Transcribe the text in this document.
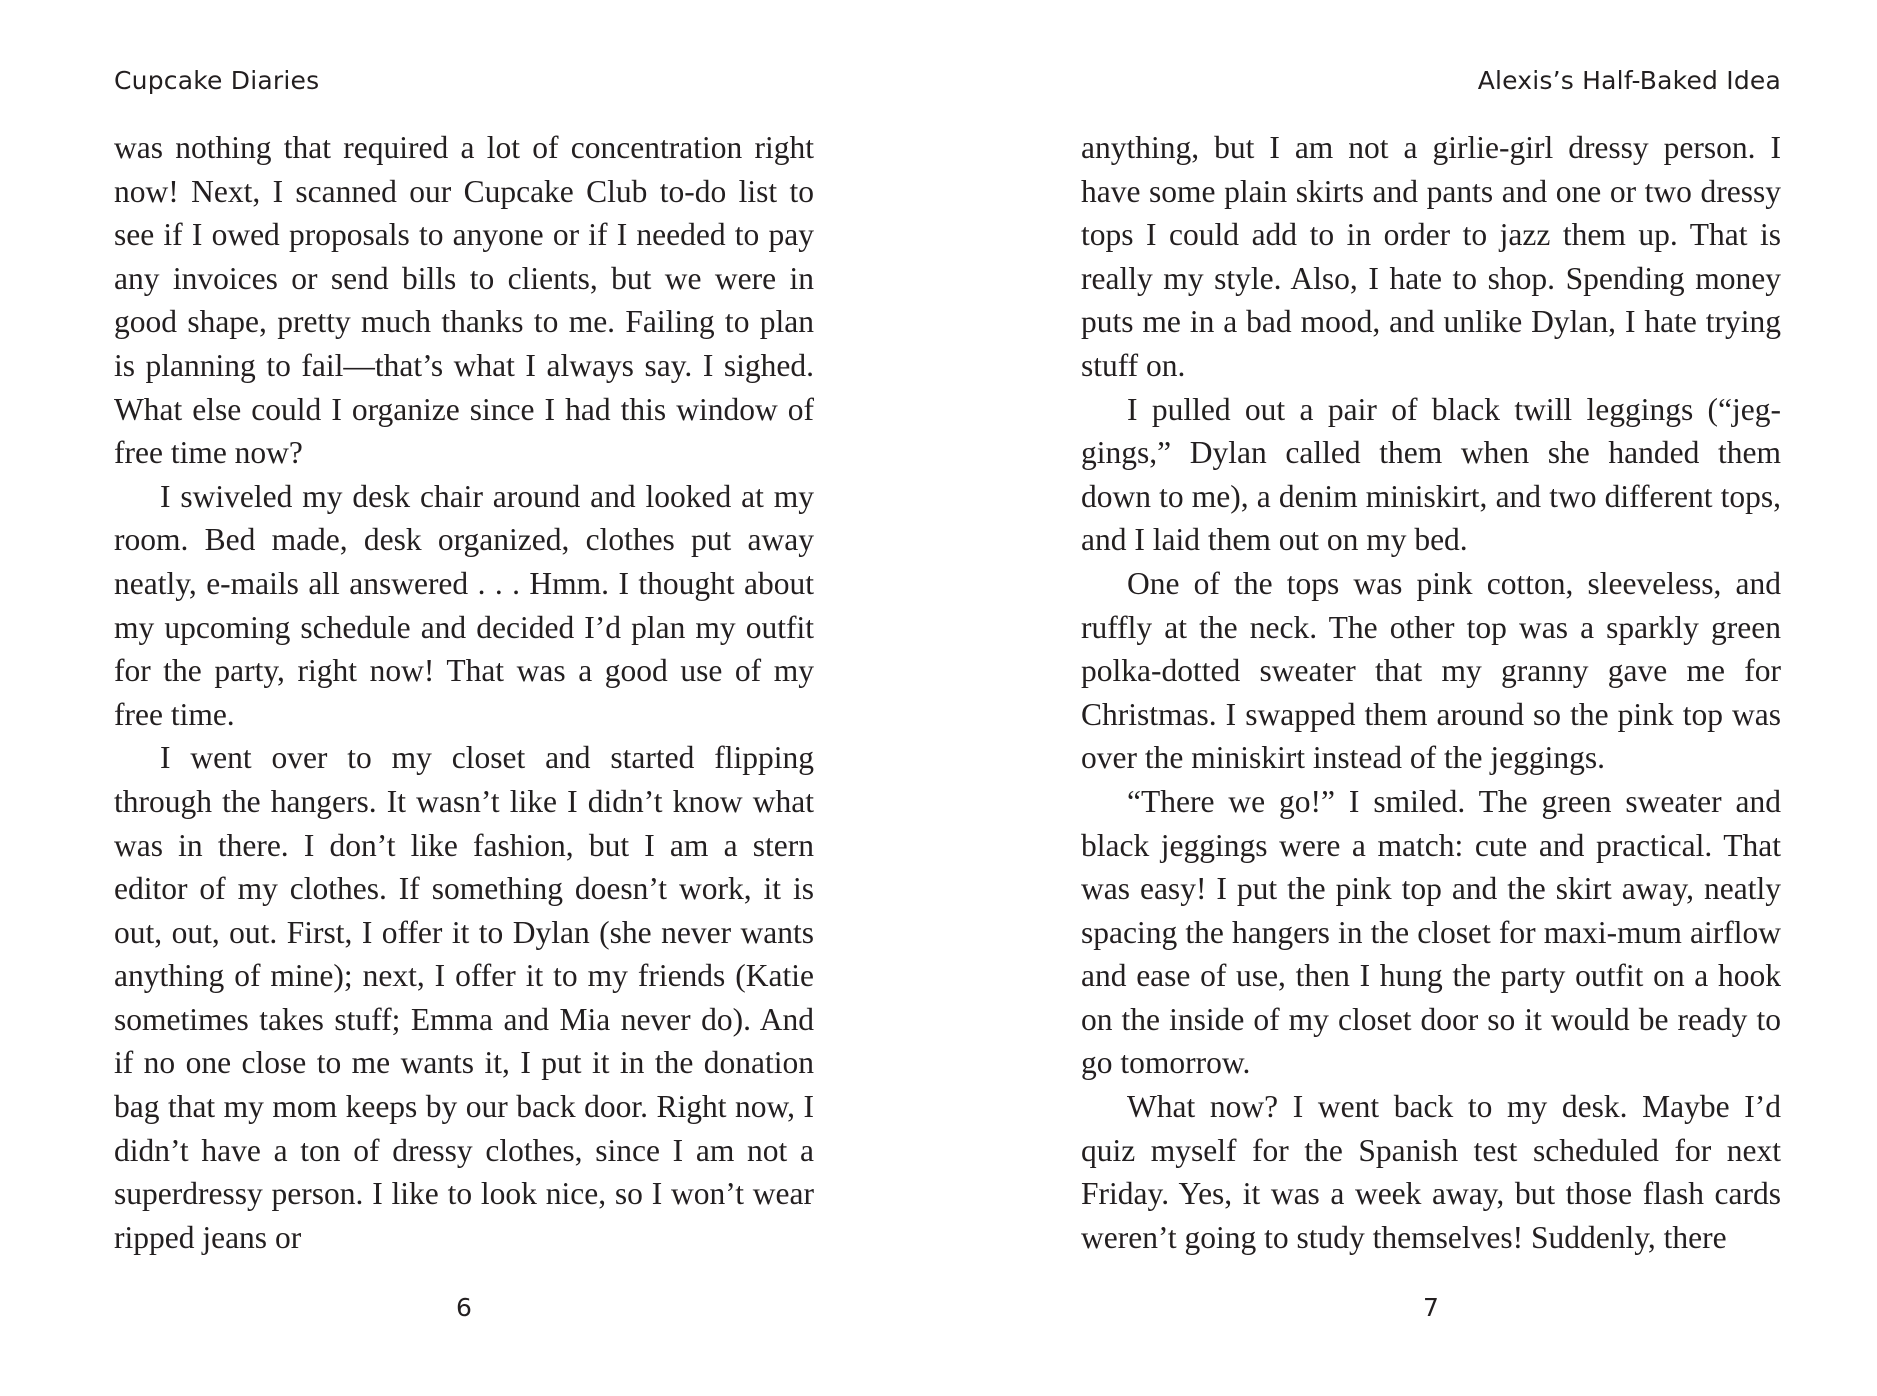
Cupcake Diaries

was nothing that required a lot of concentration right now! Next, I scanned our Cupcake Club to-do list to see if I owed proposals to anyone or if I needed to pay any invoices or send bills to clients, but we were in good shape, pretty much thanks to me. Failing to plan is planning to fail—that’s what I always say. I sighed. What else could I organize since I had this window of free time now?

I swiveled my desk chair around and looked at my room. Bed made, desk organized, clothes put away neatly, e-mails all answered . . . Hmm. I thought about my upcoming schedule and decided I’d plan my outfit for the party, right now! That was a good use of my free time.

I went over to my closet and started flipping through the hangers. It wasn’t like I didn’t know what was in there. I don’t like fashion, but I am a stern editor of my clothes. If something doesn’t work, it is out, out, out. First, I offer it to Dylan (she never wants anything of mine); next, I offer it to my friends (Katie sometimes takes stuff; Emma and Mia never do). And if no one close to me wants it, I put it in the donation bag that my mom keeps by our back door. Right now, I didn’t have a ton of dressy clothes, since I am not a superdressy person. I like to look nice, so I won’t wear ripped jeans or

6
Alexis’s Half-Baked Idea

anything, but I am not a girlie-girl dressy person. I have some plain skirts and pants and one or two dressy tops I could add to in order to jazz them up. That is really my style. Also, I hate to shop. Spending money puts me in a bad mood, and unlike Dylan, I hate trying stuff on.

I pulled out a pair of black twill leggings (“jeg-gings,” Dylan called them when she handed them down to me), a denim miniskirt, and two different tops, and I laid them out on my bed.

One of the tops was pink cotton, sleeveless, and ruffly at the neck. The other top was a sparkly green polka-dotted sweater that my granny gave me for Christmas. I swapped them around so the pink top was over the miniskirt instead of the jeggings.

“There we go!” I smiled. The green sweater and black jeggings were a match: cute and practical. That was easy! I put the pink top and the skirt away, neatly spacing the hangers in the closet for maxi-mum airflow and ease of use, then I hung the party outfit on a hook on the inside of my closet door so it would be ready to go tomorrow.

What now? I went back to my desk. Maybe I’d quiz myself for the Spanish test scheduled for next Friday. Yes, it was a week away, but those flash cards weren’t going to study themselves! Suddenly, there

7
